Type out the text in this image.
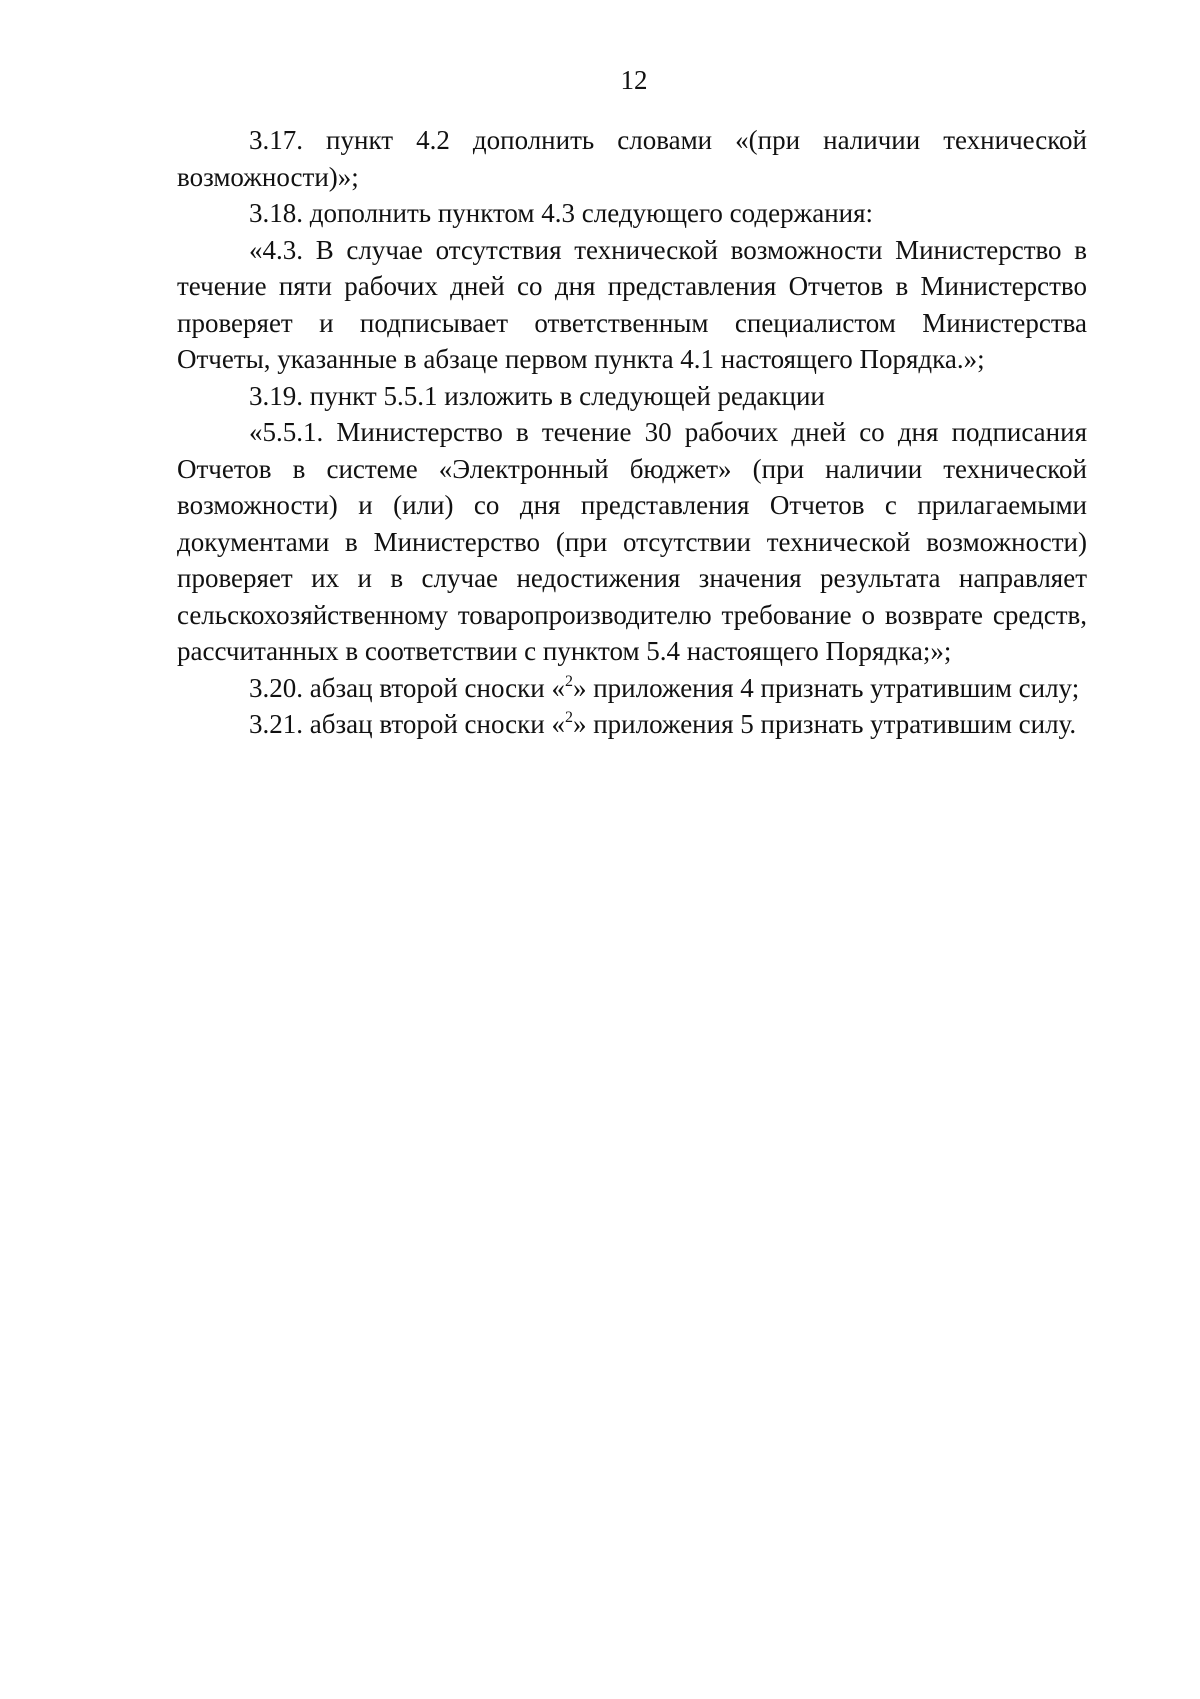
12

3.17. пункт 4.2 дополнить словами «(при наличии технической возможности)»;

3.18. дополнить пунктом 4.3 следующего содержания:

«4.3. В случае отсутствия технической возможности Министерство в течение пяти рабочих дней со дня представления Отчетов в Министерство проверяет и подписывает ответственным специалистом Министерства Отчеты, указанные в абзаце первом пункта 4.1 настоящего Порядка.»;

3.19. пункт 5.5.1 изложить в следующей редакции

«5.5.1. Министерство в течение 30 рабочих дней со дня подписания Отчетов в системе «Электронный бюджет» (при наличии технической возможности) и (или) со дня представления Отчетов с прилагаемыми документами в Министерство (при отсутствии технической возможности) проверяет их и в случае недостижения значения результата направляет сельскохозяйственному товаропроизводителю требование о возврате средств, рассчитанных в соответствии с пунктом 5.4 настоящего Порядка;»;

3.20. абзац второй сноски «$^2$» приложения 4 признать утратившим силу;

3.21. абзац второй сноски «$^2$» приложения 5 признать утратившим силу.
